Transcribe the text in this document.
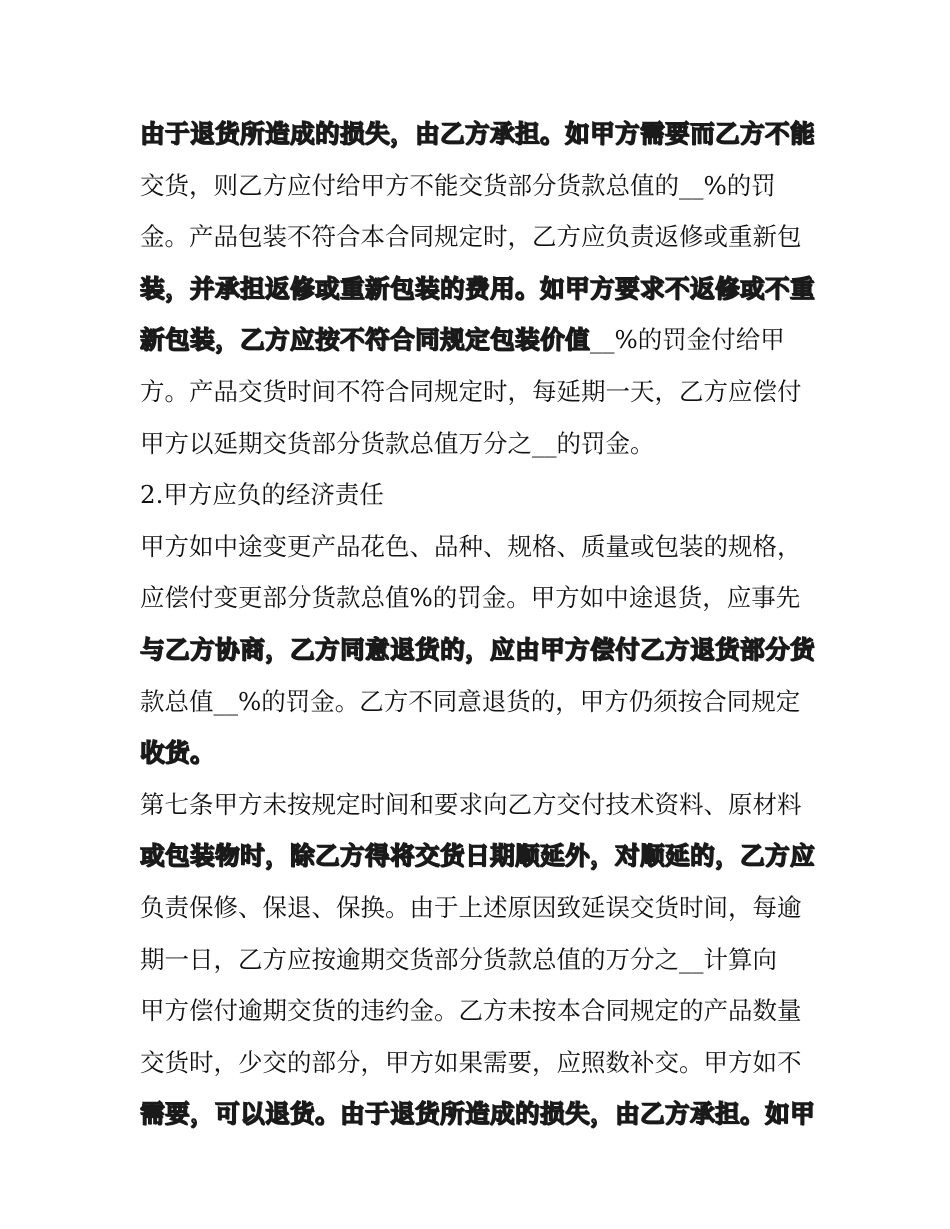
由于退货所造成的损失，由乙方承担。如甲方需要而乙方不能
交货，则乙方应付给甲方不能交货部分货款总值的__%的罚
金。产品包装不符合本合同规定时，乙方应负责返修或重新包
装，并承担返修或重新包装的费用。如甲方要求不返修或不重
新包装，乙方应按不符合同规定包装价值__%的罚金付给甲
方。产品交货时间不符合同规定时，每延期一天，乙方应偿付
甲方以延期交货部分货款总值万分之__的罚金。
2.甲方应负的经济责任
甲方如中途变更产品花色、品种、规格、质量或包装的规格，
应偿付变更部分货款总值%的罚金。甲方如中途退货，应事先
与乙方协商，乙方同意退货的，应由甲方偿付乙方退货部分货
款总值__%的罚金。乙方不同意退货的，甲方仍须按合同规定
收货。
第七条甲方未按规定时间和要求向乙方交付技术资料、原材料
或包装物时，除乙方得将交货日期顺延外，对顺延的，乙方应
负责保修、保退、保换。由于上述原因致延误交货时间，每逾
期一日，乙方应按逾期交货部分货款总值的万分之__计算向
甲方偿付逾期交货的违约金。乙方未按本合同规定的产品数量
交货时，少交的部分，甲方如果需要，应照数补交。甲方如不
需要，可以退货。由于退货所造成的损失，由乙方承担。如甲
